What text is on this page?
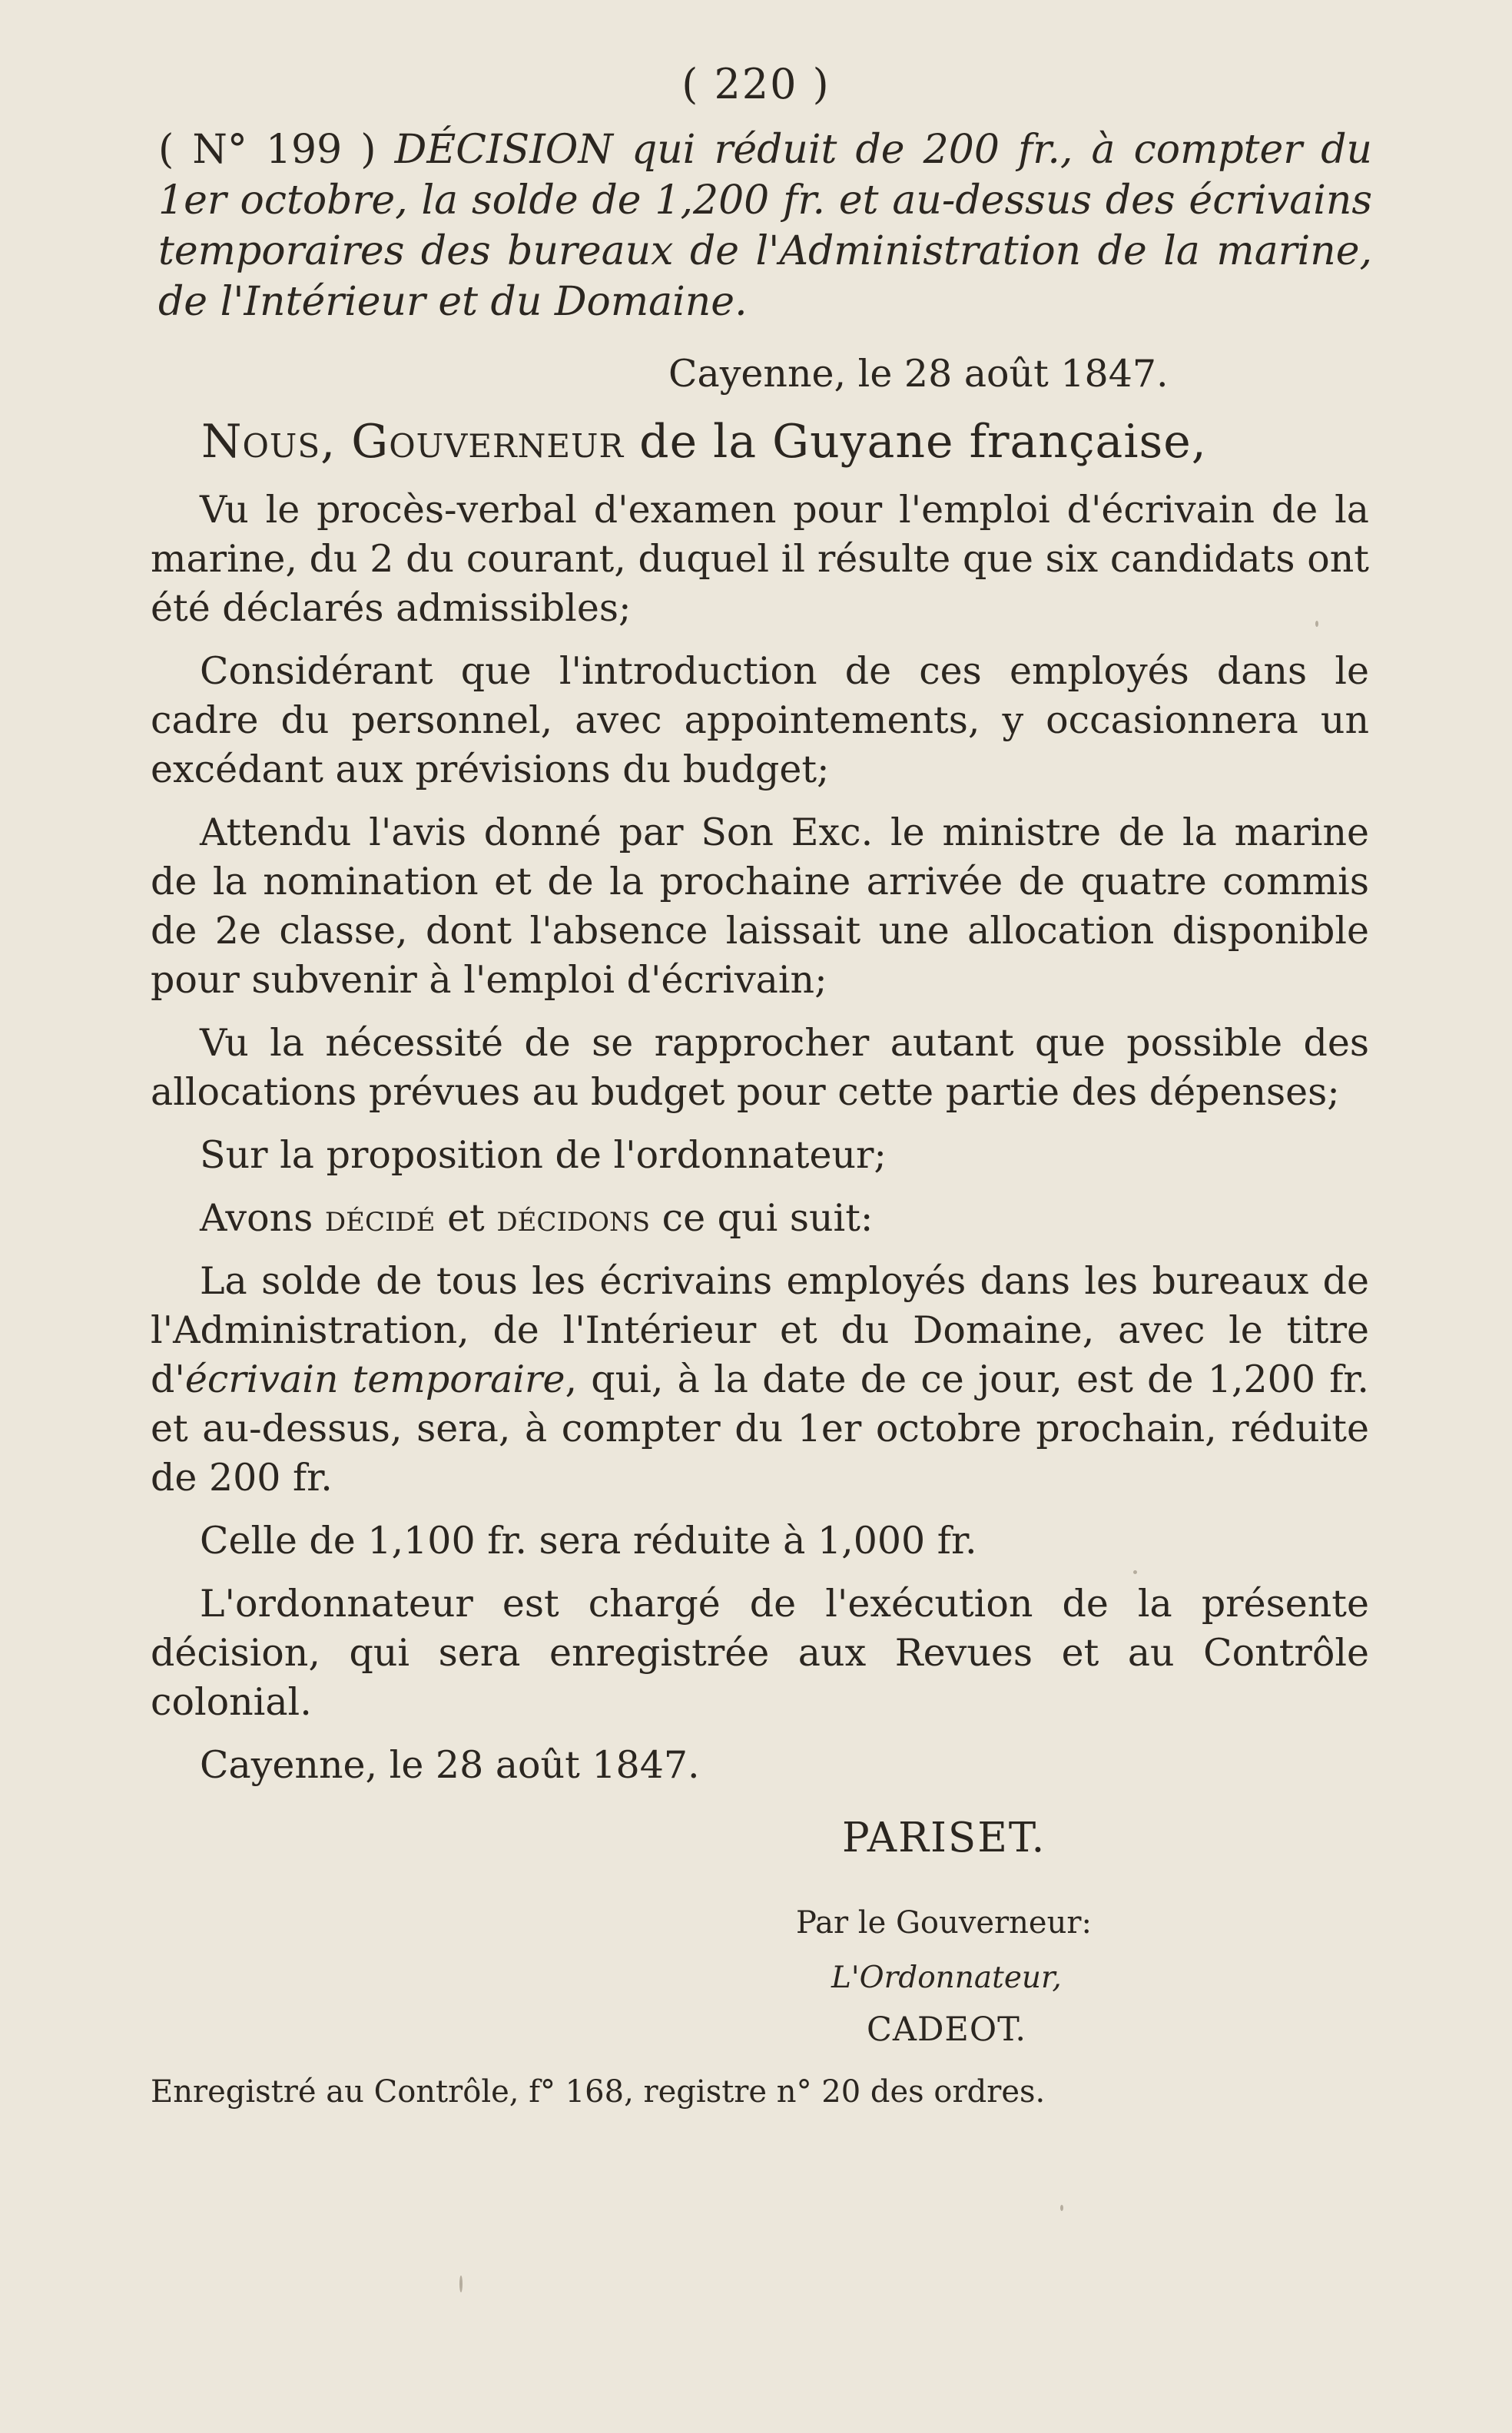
( 220 )
( N° 199 ) DÉCISION qui réduit de 200 fr., à compter du 1er octobre, la solde de 1,200 fr. et au-dessus des écrivains temporaires des bureaux de l'Administration de la marine, de l'Intérieur et du Domaine.
Cayenne, le 28 août 1847.
Nous, Gouverneur de la Guyane française,

Vu le procès-verbal d'examen pour l'emploi d'écrivain de la marine, du 2 du courant, duquel il résulte que six candidats ont été déclarés admissibles;

Considérant que l'introduction de ces employés dans le cadre du personnel, avec appointements, y occasionnera un excédant aux prévisions du budget;

Attendu l'avis donné par Son Exc. le ministre de la marine de la nomination et de la prochaine arrivée de quatre commis de 2e classe, dont l'absence laissait une allocation disponible pour subvenir à l'emploi d'écrivain;

Vu la nécessité de se rapprocher autant que possible des allocations prévues au budget pour cette partie des dépenses;

Sur la proposition de l'ordonnateur;

Avons décidé et décidons ce qui suit:

La solde de tous les écrivains employés dans les bureaux de l'Administration, de l'Intérieur et du Domaine, avec le titre d'écrivain temporaire, qui, à la date de ce jour, est de 1,200 fr. et au-dessus, sera, à compter du 1er octobre prochain, réduite de 200 fr.

Celle de 1,100 fr. sera réduite à 1,000 fr.

L'ordonnateur est chargé de l'exécution de la présente décision, qui sera enregistrée aux Revues et au Contrôle colonial.

Cayenne, le 28 août 1847.

PARISET.
Par le Gouverneur:
L'Ordonnateur,
CADEOT.
Enregistré au Contrôle, f° 168, registre n° 20 des ordres.
